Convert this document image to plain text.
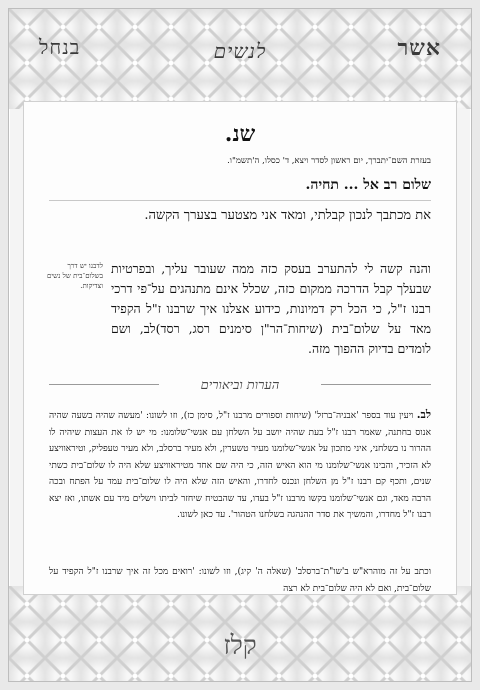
אשר
לנשים
בנחל
שנ.
בעזרת השם־יתברך, יום ראשון לסדר ויצא, ד' כסלו, ה'תשמ"ו.
שלום רב אל ... תחיה.
את מכתבך לנכון קבלתי, ומאד אני מצטער בצערך הקשה.
והנה קשה לי להתערב בעסק כזה ממה שעובר עליך, ובפרטיות שבעלך קבל הדרכה ממקום כזה, שכלל אינם מתנהגים על־פי דרכי רבנו ז"ל, כי הכל רק דמיונות, כידוע אצלנו איך שרבנו ז"ל הקפיד מאד על שלום־בית (שיחות־הר"ן סימנים רסג, רסד)לב, ושם לומדים בדיוק ההפוך מזה.
לדבנו יש דרך בשלום־בית של נשים וצדיקות.
הערות וביאורים
לב. ויעין עוד בספר 'אבניה־ברזל' (שיחות וספורים מרבנו ז"ל, סימן כז), וזו לשונו: 'מעשה שהיה בשעה שהיה אנוס בחתנה, שאמר רבנו ז"ל בעת שהיה יושב על השלחן עם אנשי־שלומנו: מי יש לו את העצות שיהיה לו ההרור נו בשלחני, איני מתכון על אנשי־שלומנו מעיר טשערין, ולא מעיר ברסלב, ולא מעיר טעפליק, וטיראוויצע לא הזכיר, והבינו אנשי־שלומנו מי הוא האיש הזה, כי היה שם אחד מטיראוויצע שלא היה לו שלום־בית כשתי שנים, ותכף קם רבנו ז"ל מן השלחן ונכנס לחדרו, והאיש הזה שלא היה לו שלום־בית עמד על הפתח ובכה הרבה מאד, וגם אנשי־שלומנו בקשו מרבנו ז"ל בעדו, עד שהבטיח שיחזר לביתו וישלים מיד עם אשתו, ואז יצא רבנו ז"ל מחדרו, והמשיך את סדר ההנהגה בשלחנו הטהור'. עד כאן לשונו.
וכתב על זה מוהרא"ש ב'שו"ת־ברסלב' (שאלה ה' קיג), וזו לשונו: 'רואים מכל זה איך שרבנו ז"ל הקפיד על שלום־בית, ואם לא היה שלום־בית לא רצה
קלז
